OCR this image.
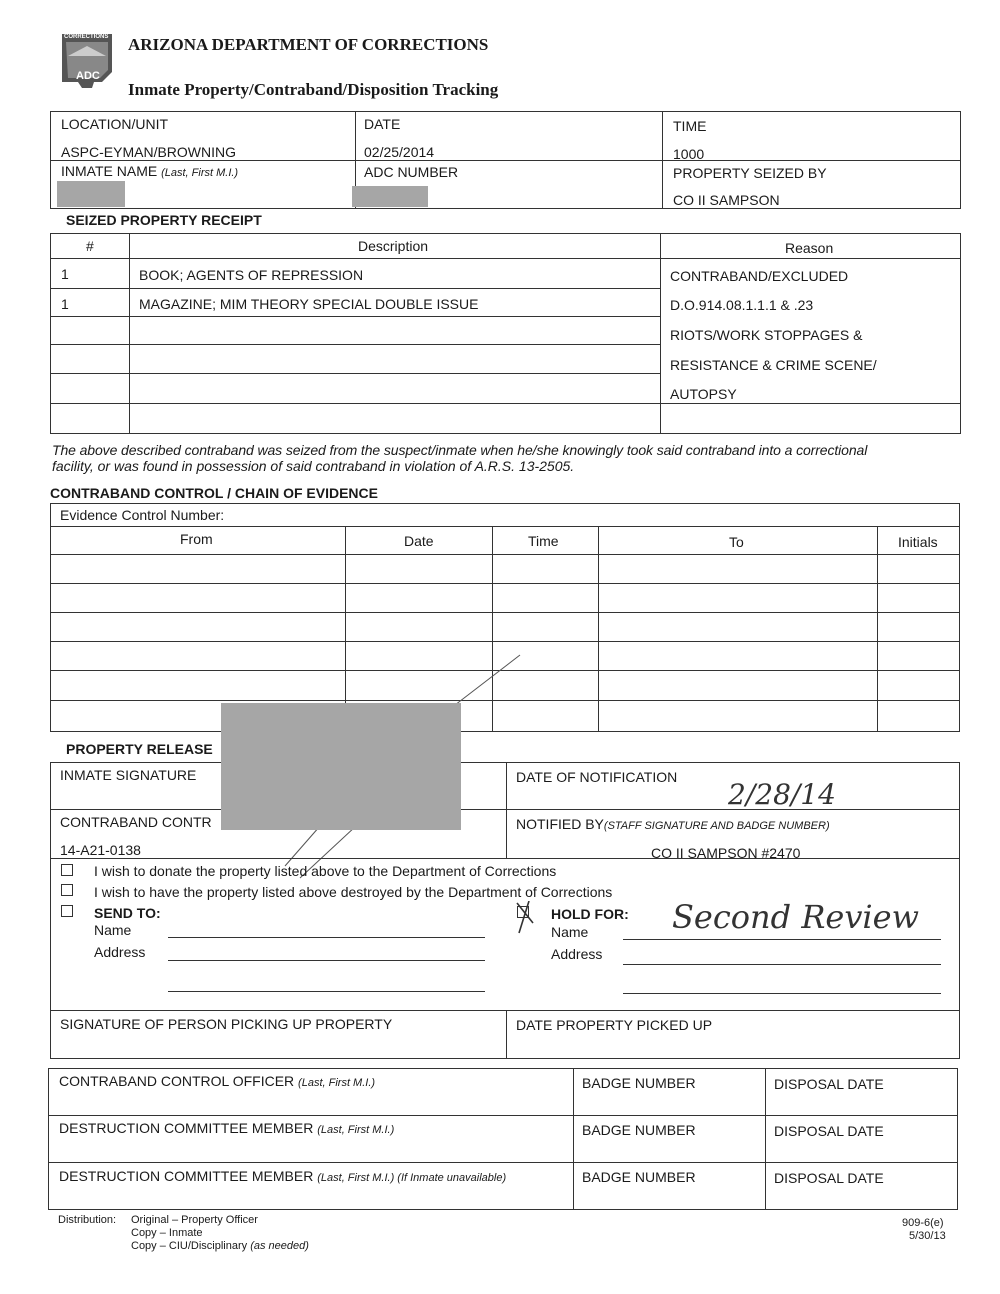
CORRECTIONS
ADC
ARIZONA DEPARTMENT OF CORRECTIONS
Inmate Property/Contraband/Disposition Tracking
LOCATION/UNIT
ASPC-EYMAN/BROWNING
DATE
02/25/2014
TIME
1000
INMATE NAME (Last, First M.I.)	ADC NUMBER	PROPERTY SEIZED BY
CO II SAMPSON
SEIZED PROPERTY RECEIPT
#	Description	Reason
1	BOOK; AGENTS OF REPRESSION	CONTRABAND/EXCLUDED
1	MAGAZINE; MIM THEORY SPECIAL DOUBLE ISSUE	D.O.914.08.1.1.1 & .23
RIOTS/WORK STOPPAGES &
RESISTANCE & CRIME SCENE/
AUTOPSY
The above described contraband was seized from the suspect/inmate when he/she knowingly took said contraband into a correctional
facility, or was found in possession of said contraband in violation of A.R.S. 13-2505.
CONTRABAND CONTROL / CHAIN OF EVIDENCE
Evidence Control Number:
From	Date	Time	To	Initials
PROPERTY RELEASE
INMATE SIGNATURE	DATE OF NOTIFICATION
2/28/14
CONTRABAND CONTR
14-A21-0138
NOTIFIED BY(STAFF SIGNATURE AND BADGE NUMBER)
CO II SAMPSON #2470
I wish to donate the property listed above to the Department of Corrections
I wish to have the property listed above destroyed by the Department of Corrections
SEND TO:
Name
Address
HOLD FOR:
Name	Second Review
Address
SIGNATURE OF PERSON PICKING UP PROPERTY	DATE PROPERTY PICKED UP
CONTRABAND CONTROL OFFICER (Last, First M.I.)	BADGE NUMBER	DISPOSAL DATE
DESTRUCTION COMMITTEE MEMBER (Last, First M.I.)	BADGE NUMBER	DISPOSAL DATE
DESTRUCTION COMMITTEE MEMBER (Last, First M.I.) (If Inmate unavailable)	BADGE NUMBER	DISPOSAL DATE
Distribution: Original – Property Officer
Copy – Inmate
Copy – CIU/Disciplinary (as needed)
909-6(e)
5/30/13
